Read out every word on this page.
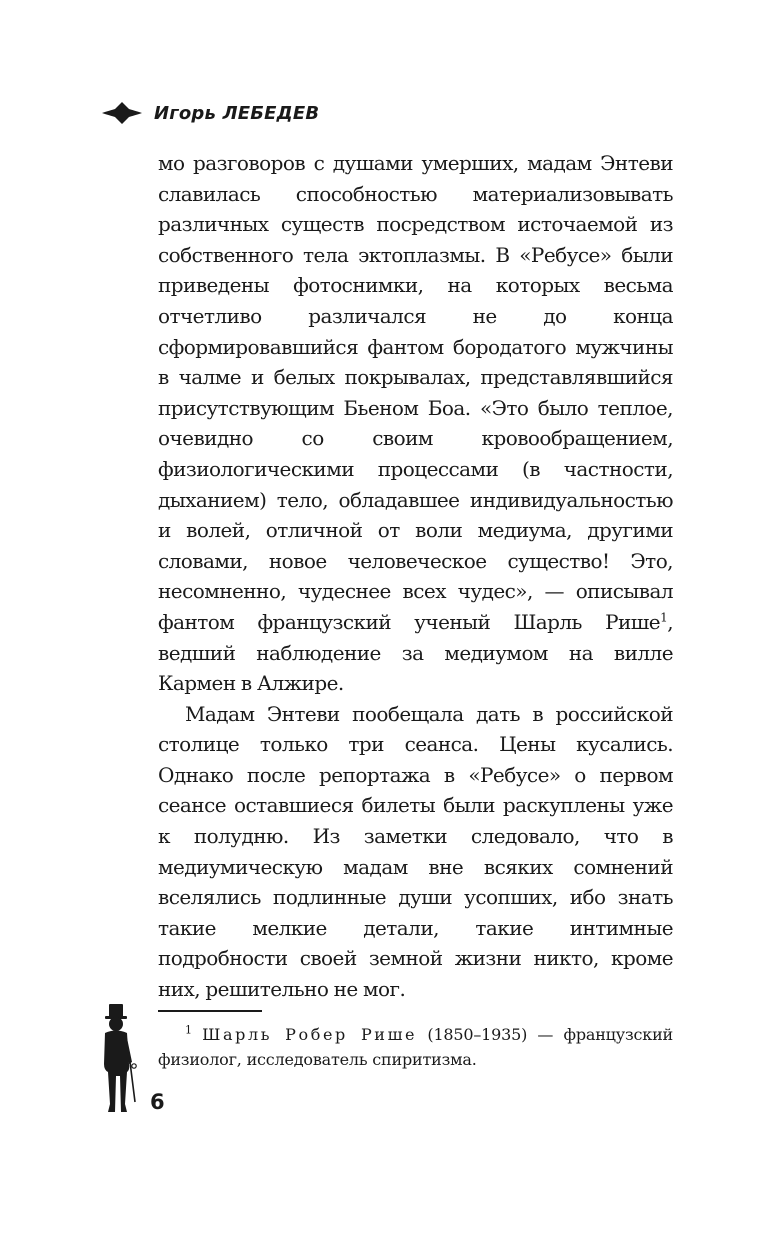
Игорь ЛЕБЕДЕВ

мо разговоров с душами умерших, мадам Энтеви славилась способностью материализовывать различных существ посредством источаемой из собственного тела эктоплазмы. В «Ребусе» были приведены фотоснимки, на которых весьма отчетливо различался не до конца сформировавшийся фантом бородатого мужчины в чалме и белых покрывалах, представлявшийся присутствующим Бьеном Боа. «Это было теплое, очевидно со своим кровообращением, физиологическими процессами (в частности, дыханием) тело, обладавшее индивидуальностью и волей, отличной от воли медиума, другими словами, новое человеческое существо! Это, несомненно, чудеснее всех чудес», — описывал фантом французский ученый Шарль Рише$^1$, ведший наблюдение за медиумом на вилле Кармен в Алжире.

Мадам Энтеви пообещала дать в российской столице только три сеанса. Цены кусались. Однако после репортажа в «Ребусе» о первом сеансе оставшиеся билеты были раскуплены уже к полудню. Из заметки следовало, что в медиумическую мадам вне всяких сомнений вселялись подлинные души усопших, ибо знать такие мелкие детали, такие интимные подробности своей земной жизни никто, кроме них, решительно не мог.

$^1$ Шарль Робер Рише (1850–1935) — французский физиолог, исследователь спиритизма.

6
